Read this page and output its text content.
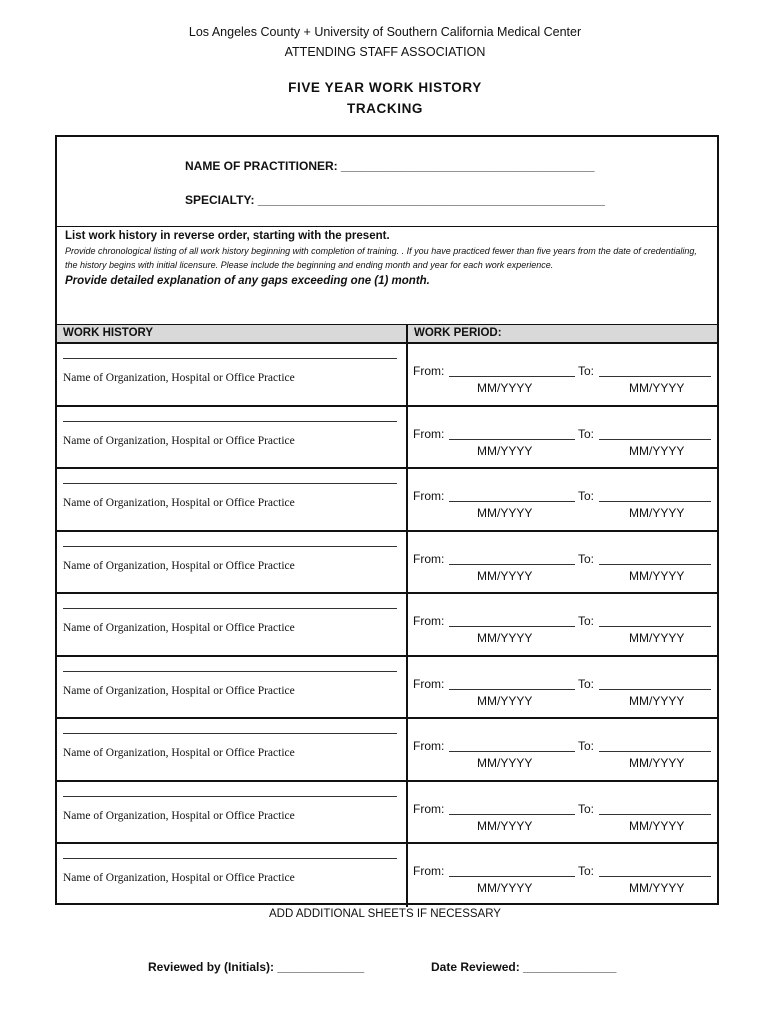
Los Angeles County + University of Southern California Medical Center
ATTENDING STAFF ASSOCIATION
FIVE YEAR WORK HISTORY
TRACKING
NAME OF PRACTITIONER: ______________________________________
SPECIALTY: ____________________________________________________
List work history in reverse order, starting with the present.
Provide chronological listing of all work history beginning with completion of training. . If you have practiced fewer than five years from the date of credentialing, the history begins with initial licensure. Please include the beginning and ending month and year for each work experience.
Provide detailed explanation of any gaps exceeding one (1) month.
WORK HISTORY	WORK PERIOD:
Name of Organization, Hospital or Office Practice	From:	To:
MM/YYYY	MM/YYYY
Name of Organization, Hospital or Office Practice	From:	To:
MM/YYYY	MM/YYYY
Name of Organization, Hospital or Office Practice	From:	To:
MM/YYYY	MM/YYYY
Name of Organization, Hospital or Office Practice	From:	To:
MM/YYYY	MM/YYYY
Name of Organization, Hospital or Office Practice	From:	To:
MM/YYYY	MM/YYYY
Name of Organization, Hospital or Office Practice	From:	To:
MM/YYYY	MM/YYYY
Name of Organization, Hospital or Office Practice	From:	To:
MM/YYYY	MM/YYYY
Name of Organization, Hospital or Office Practice	From:	To:
MM/YYYY	MM/YYYY
Name of Organization, Hospital or Office Practice	From:	To:
MM/YYYY	MM/YYYY
ADD ADDITIONAL SHEETS IF NECESSARY
Reviewed by (Initials): _____________	Date Reviewed: ______________
